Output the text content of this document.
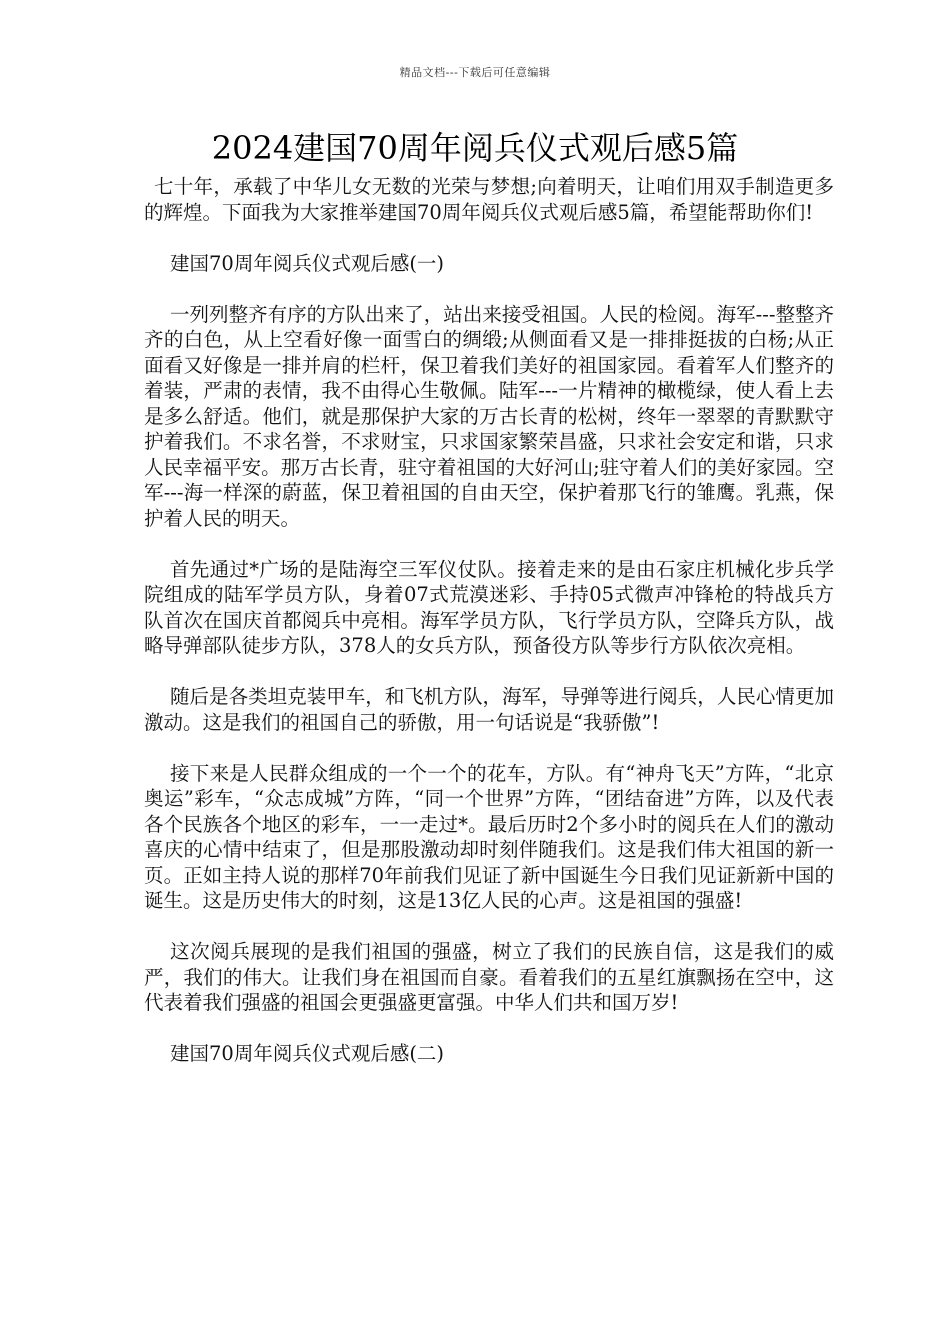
精品文档---下载后可任意编辑
2024建国70周年阅兵仪式观后感5篇

七十年，承载了中华儿女无数的光荣与梦想;向着明天，让咱们用双手制造更多的辉煌。下面我为大家推举建国70周年阅兵仪式观后感5篇，希望能帮助你们!

建国70周年阅兵仪式观后感(一)

一列列整齐有序的方队出来了，站出来接受祖国。人民的检阅。海军---整整齐齐的白色，从上空看好像一面雪白的绸缎;从侧面看又是一排排挺拔的白杨;从正面看又好像是一排并肩的栏杆，保卫着我们美好的祖国家园。看着军人们整齐的着装，严肃的表情，我不由得心生敬佩。陆军---一片精神的橄榄绿，使人看上去是多么舒适。他们，就是那保护大家的万古长青的松树，终年一翠翠的青默默守护着我们。不求名誉，不求财宝，只求国家繁荣昌盛，只求社会安定和谐，只求人民幸福平安。那万古长青，驻守着祖国的大好河山;驻守着人们的美好家园。空军---海一样深的蔚蓝，保卫着祖国的自由天空，保护着那飞行的雏鹰。乳燕，保护着人民的明天。

首先通过*广场的是陆海空三军仪仗队。接着走来的是由石家庄机械化步兵学院组成的陆军学员方队，身着07式荒漠迷彩、手持05式微声冲锋枪的特战兵方队首次在国庆首都阅兵中亮相。海军学员方队，飞行学员方队，空降兵方队，战略导弹部队徒步方队，378人的女兵方队，预备役方队等步行方队依次亮相。

随后是各类坦克装甲车，和飞机方队，海军，导弹等进行阅兵，人民心情更加激动。这是我们的祖国自己的骄傲，用一句话说是“我骄傲”!

接下来是人民群众组成的一个一个的花车，方队。有“神舟飞天”方阵，“北京奥运”彩车，“众志成城”方阵，“同一个世界”方阵，“团结奋进”方阵，以及代表各个民族各个地区的彩车，一一走过*。最后历时2个多小时的阅兵在人们的激动喜庆的心情中结束了，但是那股激动却时刻伴随我们。这是我们伟大祖国的新一页。正如主持人说的那样70年前我们见证了新中国诞生今日我们见证新新中国的诞生。这是历史伟大的时刻，这是13亿人民的心声。这是祖国的强盛!

这次阅兵展现的是我们祖国的强盛，树立了我们的民族自信，这是我们的威严，我们的伟大。让我们身在祖国而自豪。看着我们的五星红旗飘扬在空中，这代表着我们强盛的祖国会更强盛更富强。中华人们共和国万岁!

建国70周年阅兵仪式观后感(二)
